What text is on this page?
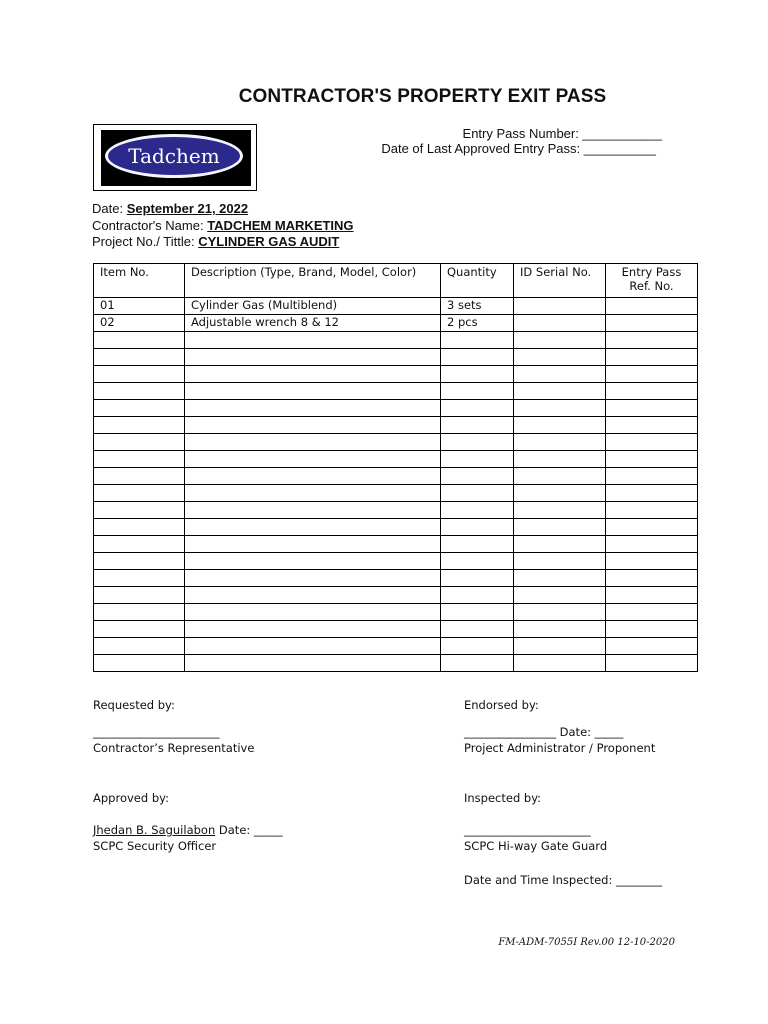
CONTRACTOR'S PROPERTY EXIT PASS
Tadchem
Entry Pass Number: ___________
Date of Last Approved Entry Pass: __________
Date: September 21, 2022
Contractor's Name: TADCHEM MARKETING
Project No./ Tittle: CYLINDER GAS AUDIT
Item No.	Description (Type, Brand, Model, Color)	Quantity	ID Serial No.	Entry Pass Ref. No.
01	Cylinder Gas (Multiblend)	3 sets		
02	Adjustable wrench 8 & 12	2 pcs		

Requested by:
______________________
Contractor’s Representative
Endorsed by:
________________ Date: _____
Project Administrator / Proponent
Approved by:
Jhedan B. Saguilabon Date: _____
SCPC Security Officer
Inspected by:
______________________
SCPC Hi-way Gate Guard
Date and Time Inspected: ________
FM-ADM-7055I Rev.00 12-10-2020
